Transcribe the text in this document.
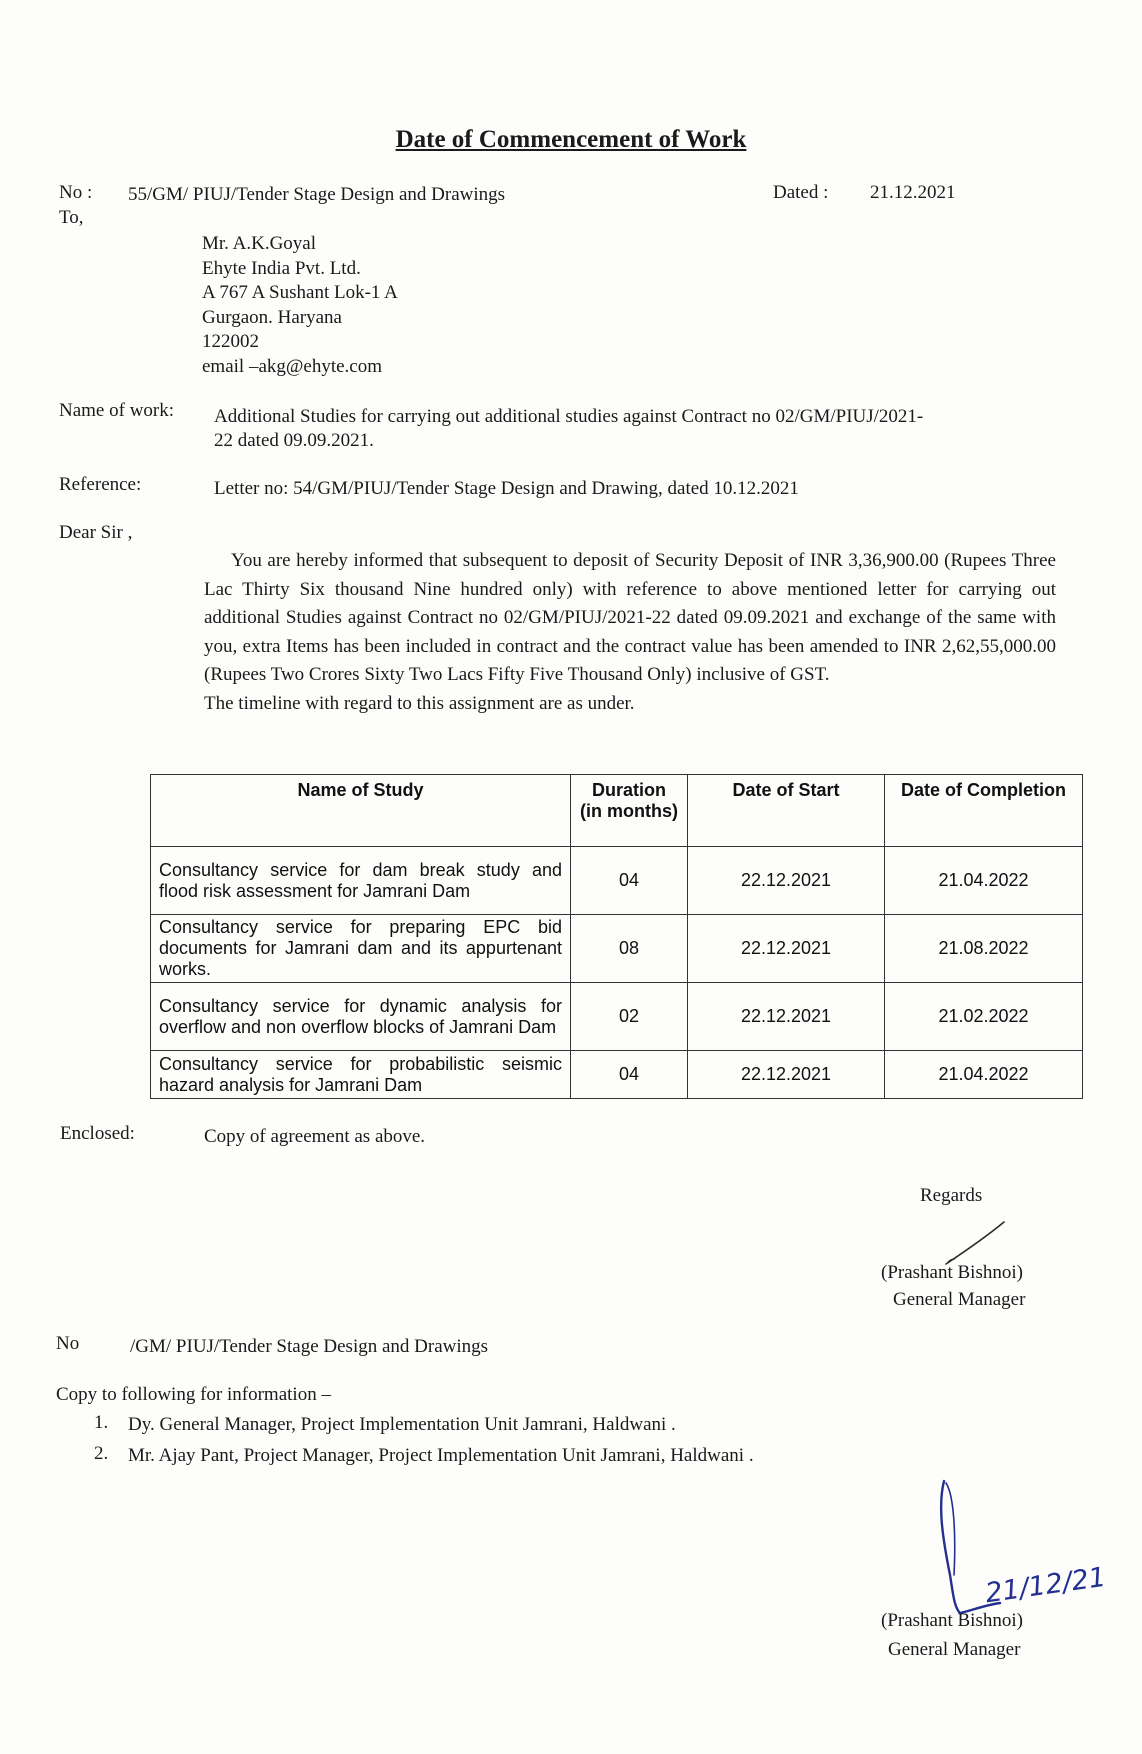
Date of Commencement of Work
No : 55/GM/ PIUJ/Tender Stage Design and Drawings	Dated : 21.12.2021
To,
Mr. A.K.Goyal
Ehyte India Pvt. Ltd.
A 767 A Sushant Lok-1 A
Gurgaon. Haryana
122002
email –akg@ehyte.com
Name of work: Additional Studies for carrying out additional studies against Contract no 02/GM/PIUJ/2021-
22 dated 09.09.2021.
Reference:	Letter no: 54/GM/PIUJ/Tender Stage Design and Drawing, dated 10.12.2021
Dear Sir ,
You are hereby informed that subsequent to deposit of Security Deposit of INR 3,36,900.00 (Rupees Three Lac Thirty Six thousand Nine hundred only) with reference to above mentioned letter for carrying out additional Studies against Contract no 02/GM/PIUJ/2021-22 dated 09.09.2021 and exchange of the same with you, extra Items has been included in contract and the contract value has been amended to INR 2,62,55,000.00 (Rupees Two Crores Sixty Two Lacs Fifty Five Thousand Only) inclusive of GST.
The timeline with regard to this assignment are as under.
Name of Study	Duration (in months)	Date of Start	Date of Completion
Consultancy service for dam break study and flood risk assessment for Jamrani Dam	04	22.12.2021	21.04.2022
Consultancy service for preparing EPC bid documents for Jamrani dam and its appurtenant works.	08	22.12.2021	21.08.2022
Consultancy service for dynamic analysis for overflow and non overflow blocks of Jamrani Dam	02	22.12.2021	21.02.2022
Consultancy service for probabilistic seismic hazard analysis for Jamrani Dam	04	22.12.2021	21.04.2022
Enclosed:	Copy of agreement as above.
Regards
(Prashant Bishnoi)
General Manager
No	/GM/ PIUJ/Tender Stage Design and Drawings
Copy to following for information –
1. Dy. General Manager, Project Implementation Unit Jamrani, Haldwani .
2. Mr. Ajay Pant, Project Manager, Project Implementation Unit Jamrani, Haldwani .
21/12/21
(Prashant Bishnoi)
General Manager
